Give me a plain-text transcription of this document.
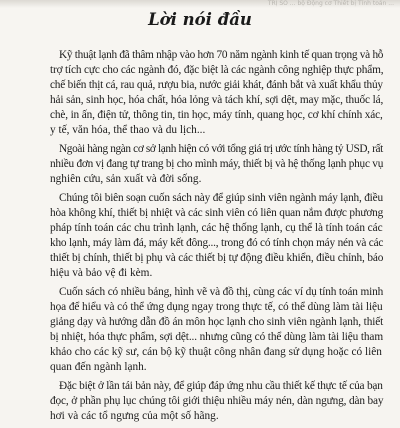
TRỊ SỐ ... bộ Động cơ Thiết bị Tính toán ...
Lời nói đầu
Kỹ thuật lạnh đã thâm nhập vào hơn 70 năm ngành kinh tế quan trọng và hỗ
trợ tích cực cho các ngành đó, đặc biệt là các ngành công nghiệp thực phẩm,
chế biến thịt cá, rau quả, rượu bia, nước giải khát, đánh bắt và xuất khẩu thủy
hải sản, sinh học, hóa chất, hóa lỏng và tách khí, sợi dệt, may mặc, thuốc lá,
chè, in ấn, điện tử, thông tin, tin học, máy tính, quang học, cơ khí chính xác,
y tế, văn hóa, thể thao và du lịch...
Ngoài hàng ngàn cơ sở lạnh hiện có với tổng giá trị ước tính hàng tỷ USD, rất
nhiều đơn vị đang tự trang bị cho mình máy, thiết bị và hệ thống lạnh phục vụ
nghiên cứu, sản xuất và đời sống.
Chúng tôi biên soạn cuốn sách này để giúp sinh viên ngành máy lạnh, điều
hòa không khí, thiết bị nhiệt và các sinh viên có liên quan nắm được phương
pháp tính toán các chu trình lạnh, các hệ thống lạnh, cụ thể là tính toán các
kho lạnh, máy làm đá, máy kết đông..., trong đó có tính chọn máy nén và các
thiết bị chính, thiết bị phụ và các thiết bị tự động điều khiển, điều chỉnh, báo
hiệu và bảo vệ đi kèm.
Cuốn sách có nhiều bảng, hình vẽ và đồ thị, cùng các ví dụ tính toán minh
họa để hiểu và có thể ứng dụng ngay trong thực tế, có thể dùng làm tài liệu
giảng dạy và hướng dẫn đồ án môn học lạnh cho sinh viên ngành lạnh, thiết
bị nhiệt, hóa thực phẩm, sợi dệt... nhưng cũng có thể dùng làm tài liệu tham
khảo cho các kỹ sư, cán bộ kỹ thuật công nhân đang sử dụng hoặc có liên
quan đến ngành lạnh.
Đặc biệt ở lần tái bản này, để giúp đáp ứng nhu cầu thiết kế thực tế của bạn
đọc, ở phần phụ lục chúng tôi giới thiệu nhiều máy nén, dàn ngưng, dàn bay
hơi và các tổ ngưng của một số hãng.
